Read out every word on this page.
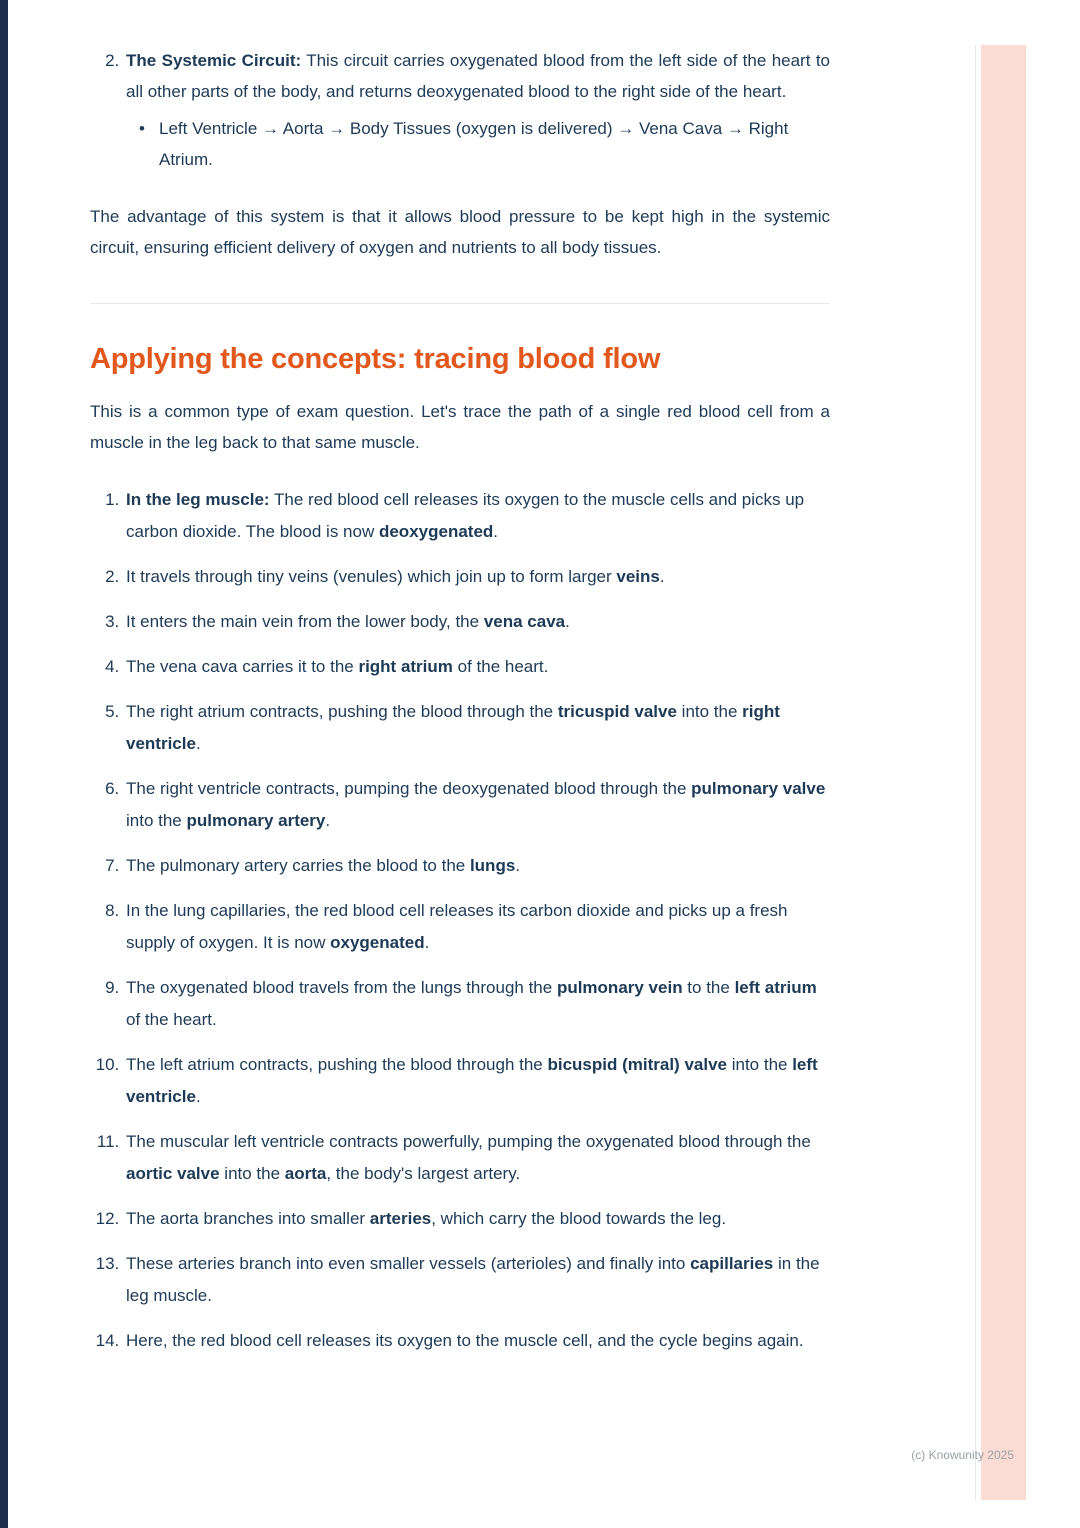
2. The Systemic Circuit: This circuit carries oxygenated blood from the left side of the heart to all other parts of the body, and returns deoxygenated blood to the right side of the heart.
• Left Ventricle → Aorta → Body Tissues (oxygen is delivered) → Vena Cava → Right Atrium.

The advantage of this system is that it allows blood pressure to be kept high in the systemic circuit, ensuring efficient delivery of oxygen and nutrients to all body tissues.

Applying the concepts: tracing blood flow

This is a common type of exam question. Let's trace the path of a single red blood cell from a muscle in the leg back to that same muscle.

1. In the leg muscle: The red blood cell releases its oxygen to the muscle cells and picks up carbon dioxide. The blood is now deoxygenated.
2. It travels through tiny veins (venules) which join up to form larger veins.
3. It enters the main vein from the lower body, the vena cava.
4. The vena cava carries it to the right atrium of the heart.
5. The right atrium contracts, pushing the blood through the tricuspid valve into the right ventricle.
6. The right ventricle contracts, pumping the deoxygenated blood through the pulmonary valve into the pulmonary artery.
7. The pulmonary artery carries the blood to the lungs.
8. In the lung capillaries, the red blood cell releases its carbon dioxide and picks up a fresh supply of oxygen. It is now oxygenated.
9. The oxygenated blood travels from the lungs through the pulmonary vein to the left atrium of the heart.
10. The left atrium contracts, pushing the blood through the bicuspid (mitral) valve into the left ventricle.
11. The muscular left ventricle contracts powerfully, pumping the oxygenated blood through the aortic valve into the aorta, the body's largest artery.
12. The aorta branches into smaller arteries, which carry the blood towards the leg.
13. These arteries branch into even smaller vessels (arterioles) and finally into capillaries in the leg muscle.
14. Here, the red blood cell releases its oxygen to the muscle cell, and the cycle begins again.
(c) Knowunity 2025
